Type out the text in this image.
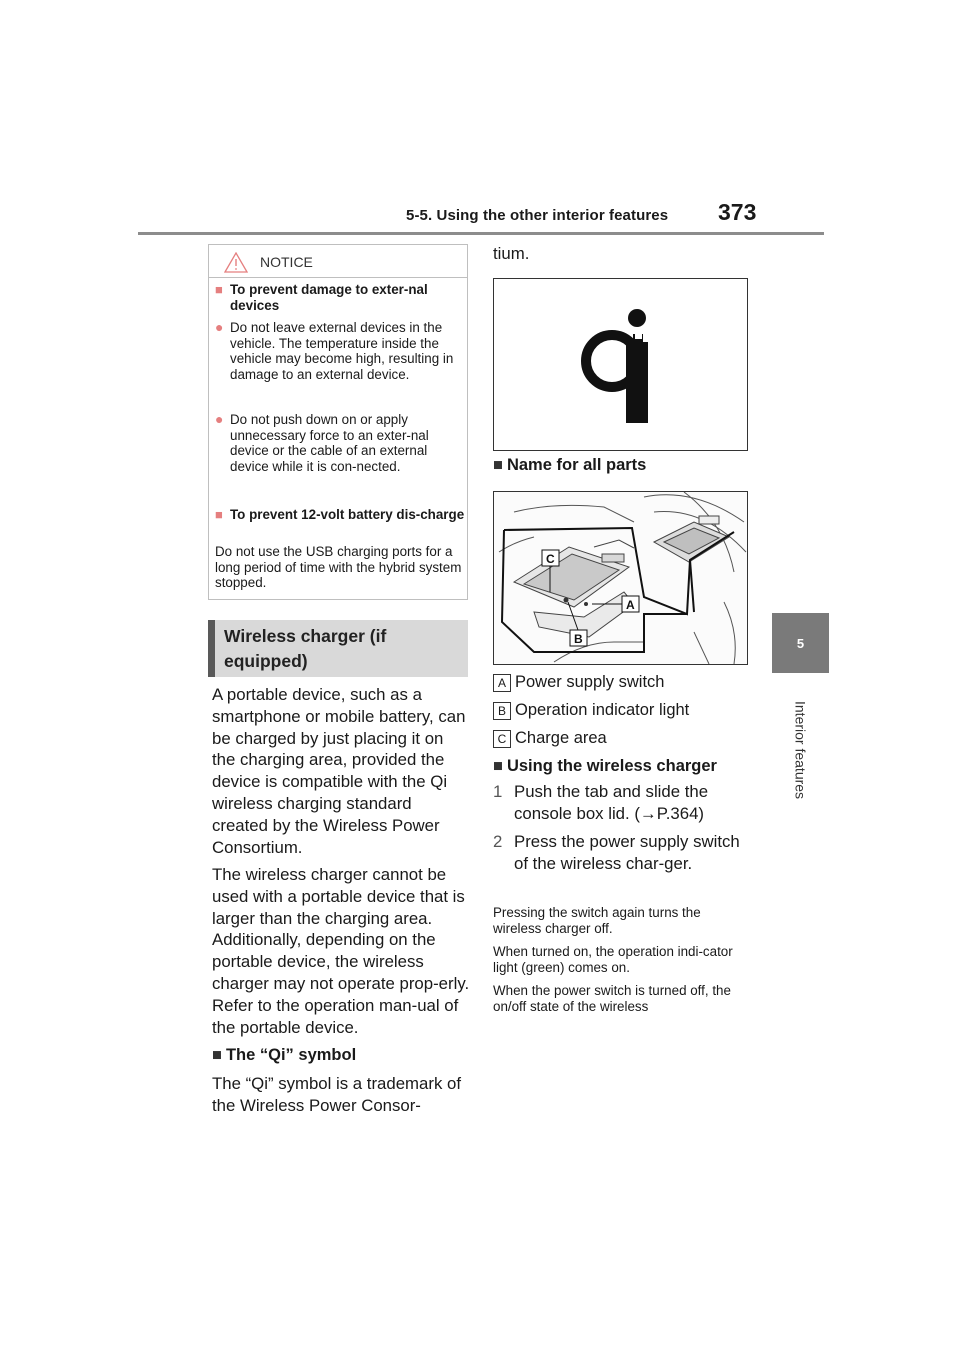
5-5. Using the other interior features 373
5
Interior features
NOTICE
■ To prevent damage to exter-nal devices
● Do not leave external devices in the vehicle. The temperature inside the vehicle may become high, resulting in damage to an external device.
● Do not push down on or apply unnecessary force to an exter-nal device or the cable of an external device while it is con-nected.
■ To prevent 12-volt battery dis-charge
Do not use the USB charging ports for a long period of time with the hybrid system stopped.
Wireless charger (if equipped)
A portable device, such as a smartphone or mobile battery, can be charged by just placing it on the charging area, provided the device is compatible with the Qi wireless charging standard created by the Wireless Power Consortium.
The wireless charger cannot be used with a portable device that is larger than the charging area. Additionally, depending on the portable device, the wireless charger may not operate prop-erly. Refer to the operation man-ual of the portable device.
■ The “Qi” symbol
The “Qi” symbol is a trademark of the Wireless Power Consor-
tium.
■ Name for all parts
C
A
B
A Power supply switch
B Operation indicator light
C Charge area
■ Using the wireless charger
1 Push the tab and slide the console box lid. (→P.364)
2 Press the power supply switch of the wireless char-ger.
Pressing the switch again turns the wireless charger off.
When turned on, the operation indi-cator light (green) comes on.
When the power switch is turned off, the on/off state of the wireless
